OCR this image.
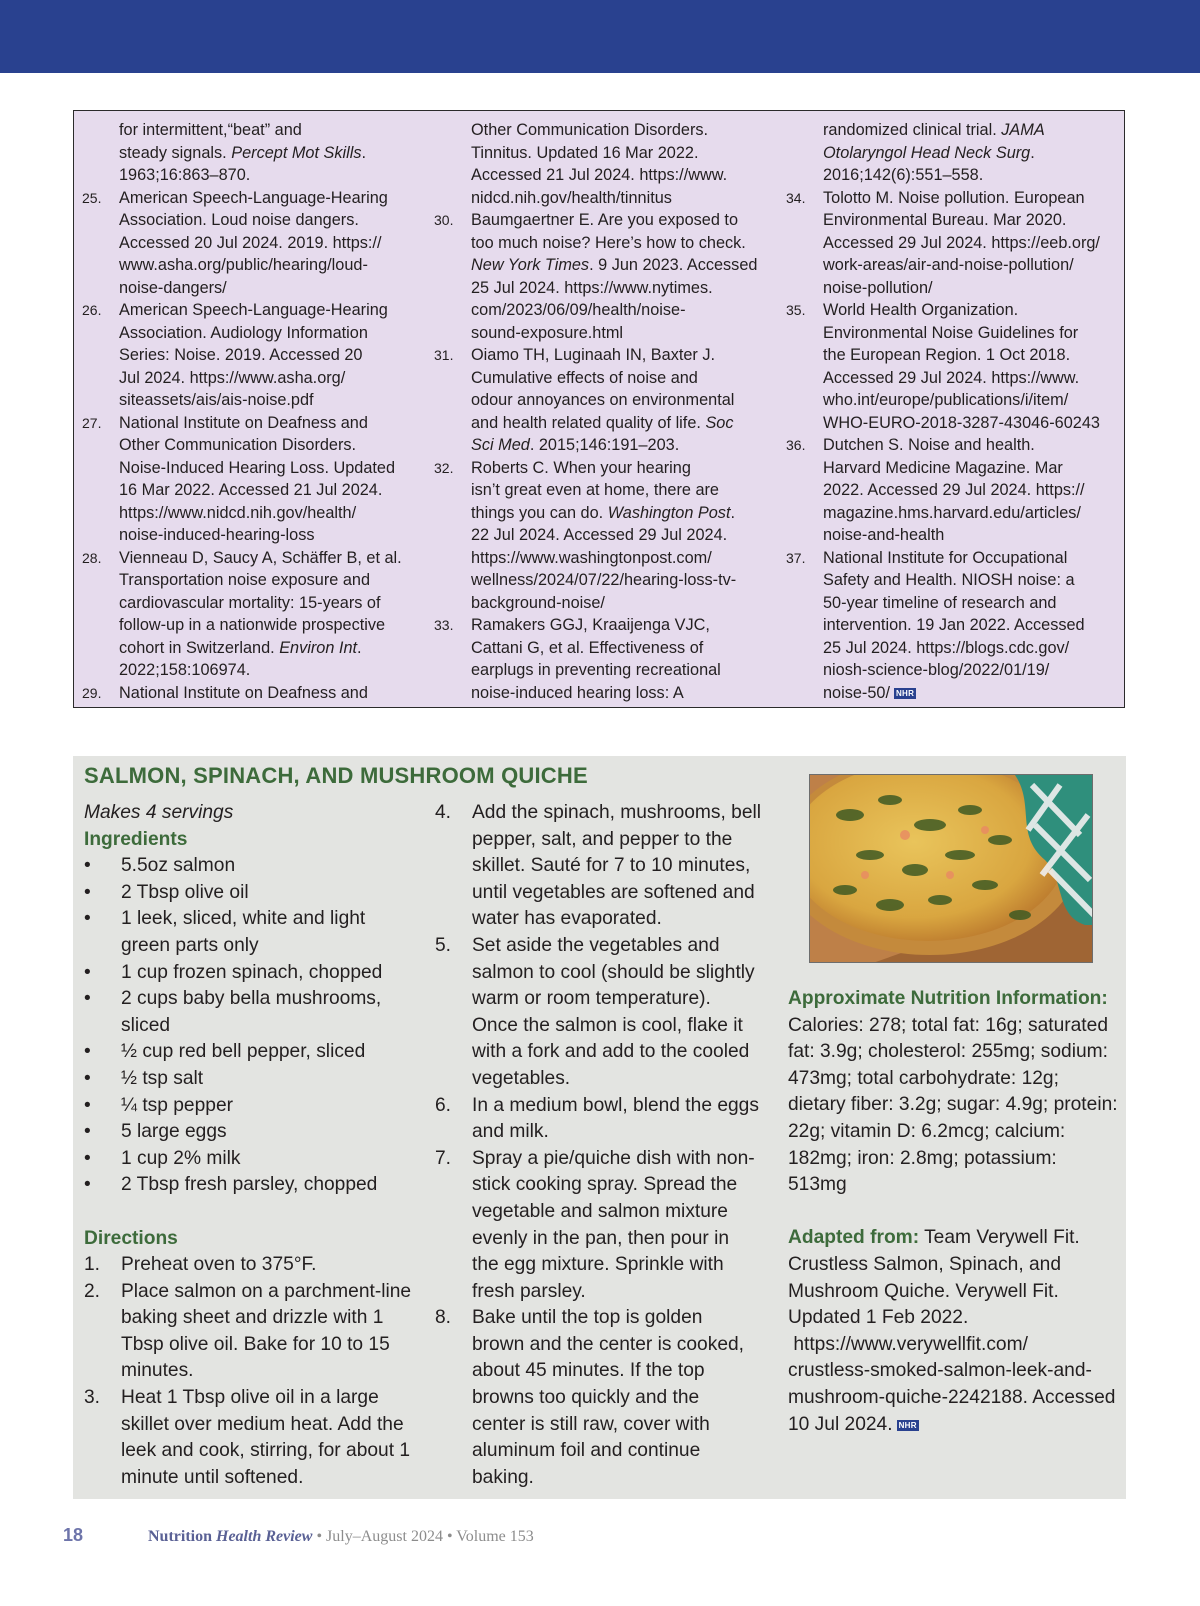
for intermittent,“beat” and
steady signals. Percept Mot Skills.
1963;16:863–870.
25. American Speech-Language-Hearing
Association. Loud noise dangers.
Accessed 20 Jul 2024. 2019. https://
www.asha.org/public/hearing/loud-
noise-dangers/
26. American Speech-Language-Hearing
Association. Audiology Information
Series: Noise. 2019. Accessed 20
Jul 2024. https://www.asha.org/
siteassets/ais/ais-noise.pdf
27. National Institute on Deafness and
Other Communication Disorders.
Noise-Induced Hearing Loss. Updated
16 Mar 2022. Accessed 21 Jul 2024.
https://www.nidcd.nih.gov/health/
noise-induced-hearing-loss
28. Vienneau D, Saucy A, Schäffer B, et al.
Transportation noise exposure and
cardiovascular mortality: 15-years of
follow-up in a nationwide prospective
cohort in Switzerland. Environ Int.
2022;158:106974.
29. National Institute on Deafness and
Other Communication Disorders.
Tinnitus. Updated 16 Mar 2022.
Accessed 21 Jul 2024. https://www.
nidcd.nih.gov/health/tinnitus
30. Baumgaertner E. Are you exposed to
too much noise? Here’s how to check.
New York Times. 9 Jun 2023. Accessed
25 Jul 2024. https://www.nytimes.
com/2023/06/09/health/noise-
sound-exposure.html
31. Oiamo TH, Luginaah IN, Baxter J.
Cumulative effects of noise and
odour annoyances on environmental
and health related quality of life. Soc
Sci Med. 2015;146:191–203.
32. Roberts C. When your hearing
isn’t great even at home, there are
things you can do. Washington Post.
22 Jul 2024. Accessed 29 Jul 2024.
https://www.washingtonpost.com/
wellness/2024/07/22/hearing-loss-tv-
background-noise/
33. Ramakers GGJ, Kraaijenga VJC,
Cattani G, et al. Effectiveness of
earplugs in preventing recreational
noise-induced hearing loss: A
randomized clinical trial. JAMA
Otolaryngol Head Neck Surg.
2016;142(6):551–558.
34. Tolotto M. Noise pollution. European
Environmental Bureau. Mar 2020.
Accessed 29 Jul 2024. https://eeb.org/
work-areas/air-and-noise-pollution/
noise-pollution/
35. World Health Organization.
Environmental Noise Guidelines for
the European Region. 1 Oct 2018.
Accessed 29 Jul 2024. https://www.
who.int/europe/publications/i/item/
WHO-EURO-2018-3287-43046-60243
36. Dutchen S. Noise and health.
Harvard Medicine Magazine. Mar
2022. Accessed 29 Jul 2024. https://
magazine.hms.harvard.edu/articles/
noise-and-health
37. National Institute for Occupational
Safety and Health. NIOSH noise: a
50-year timeline of research and
intervention. 19 Jan 2022. Accessed
25 Jul 2024. https://blogs.cdc.gov/
niosh-science-blog/2022/01/19/
noise-50/ NHR
SALMON, SPINACH, AND MUSHROOM QUICHE
Makes 4 servings
Ingredients
• 5.5oz salmon
• 2 Tbsp olive oil
• 1 leek, sliced, white and light
green parts only
• 1 cup frozen spinach, chopped
• 2 cups baby bella mushrooms,
sliced
• ½ cup red bell pepper, sliced
• ½ tsp salt
• ¼ tsp pepper
• 5 large eggs
• 1 cup 2% milk
• 2 Tbsp fresh parsley, chopped
Directions
1. Preheat oven to 375°F.
2. Place salmon on a parchment-line
baking sheet and drizzle with 1
Tbsp olive oil. Bake for 10 to 15
minutes.
3. Heat 1 Tbsp olive oil in a large
skillet over medium heat. Add the
leek and cook, stirring, for about 1
minute until softened.
4. Add the spinach, mushrooms, bell
pepper, salt, and pepper to the
skillet. Sauté for 7 to 10 minutes,
until vegetables are softened and
water has evaporated.
5. Set aside the vegetables and
salmon to cool (should be slightly
warm or room temperature).
Once the salmon is cool, flake it
with a fork and add to the cooled
vegetables.
6. In a medium bowl, blend the eggs
and milk.
7. Spray a pie/quiche dish with non-
stick cooking spray. Spread the
vegetable and salmon mixture
evenly in the pan, then pour in
the egg mixture. Sprinkle with
fresh parsley.
8. Bake until the top is golden
brown and the center is cooked,
about 45 minutes. If the top
browns too quickly and the
center is still raw, cover with
aluminum foil and continue
baking.
Approximate Nutrition Information:
Calories: 278; total fat: 16g; saturated
fat: 3.9g; cholesterol: 255mg; sodium:
473mg; total carbohydrate: 12g;
dietary fiber: 3.2g; sugar: 4.9g; protein:
22g; vitamin D: 6.2mcg; calcium:
182mg; iron: 2.8mg; potassium:
513mg
Adapted from: Team Verywell Fit.
Crustless Salmon, Spinach, and
Mushroom Quiche. Verywell Fit.
Updated 1 Feb 2022.
https://www.verywellfit.com/
crustless-smoked-salmon-leek-and-
mushroom-quiche-2242188. Accessed
10 Jul 2024. NHR
18	Nutrition Health Review • July–August 2024 • Volume 153
